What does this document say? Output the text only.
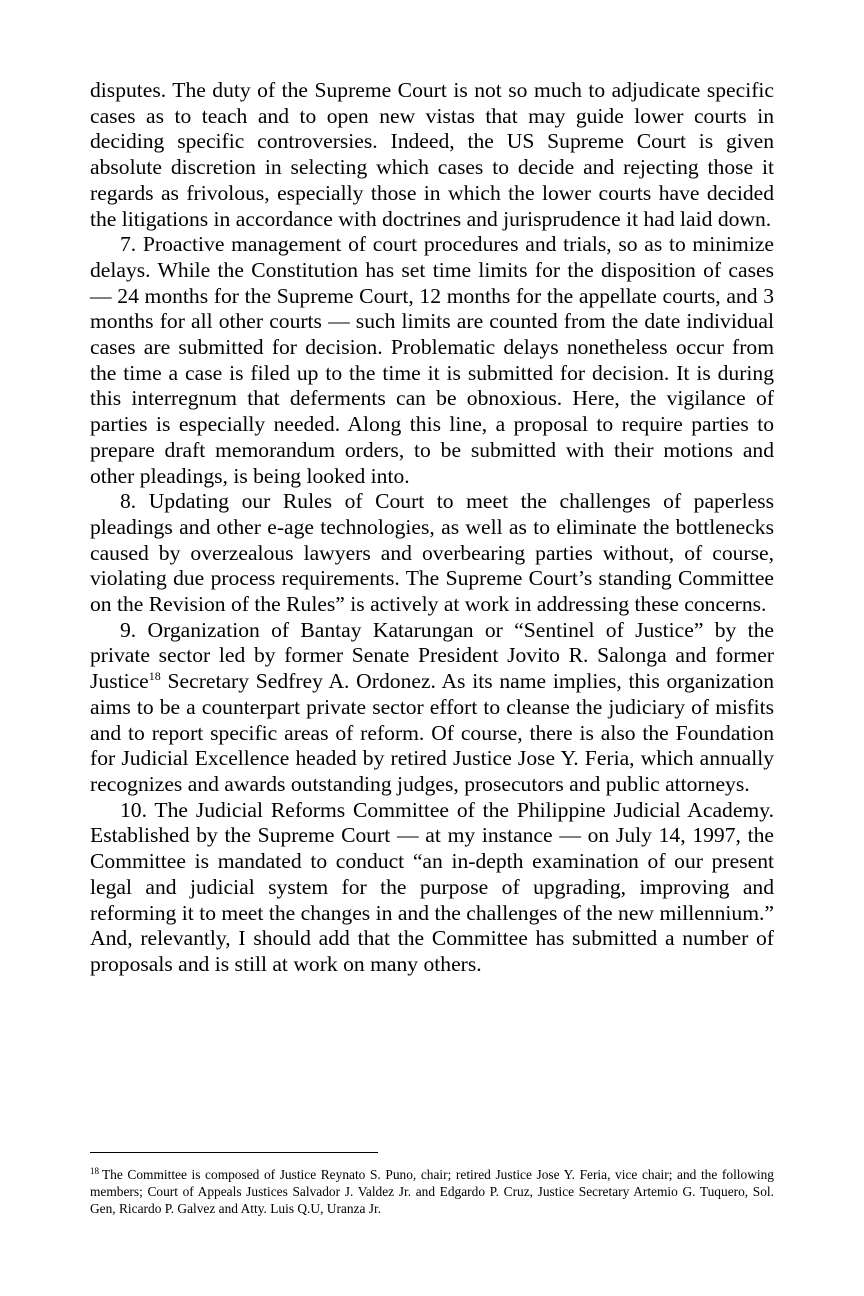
disputes. The duty of the Supreme Court is not so much to adjudicate specific cases as to teach and to open new vistas that may guide lower courts in deciding specific controversies. Indeed, the US Supreme Court is given absolute discretion in selecting which cases to decide and rejecting those it regards as frivolous, especially those in which the lower courts have decided the litigations in accordance with doctrines and jurisprudence it had laid down.

7. Proactive management of court procedures and trials, so as to minimize delays. While the Constitution has set time limits for the disposition of cases — 24 months for the Supreme Court, 12 months for the appellate courts, and 3 months for all other courts — such limits are counted from the date individual cases are submitted for decision. Problematic delays nonetheless occur from the time a case is filed up to the time it is submitted for decision. It is during this interregnum that deferments can be obnoxious. Here, the vigilance of parties is especially needed. Along this line, a proposal to require parties to prepare draft memorandum orders, to be submitted with their motions and other pleadings, is being looked into.

8. Updating our Rules of Court to meet the challenges of paperless pleadings and other e-age technologies, as well as to eliminate the bottlenecks caused by overzealous lawyers and overbearing parties without, of course, violating due process requirements. The Supreme Court’s standing Committee on the Revision of the Rules” is actively at work in addressing these concerns.

9. Organization of Bantay Katarungan or “Sentinel of Justice” by the private sector led by former Senate President Jovito R. Salonga and former Justice$^{18}$ Secretary Sedfrey A. Ordonez. As its name implies, this organization aims to be a counterpart private sector effort to cleanse the judiciary of misfits and to report specific areas of reform. Of course, there is also the Foundation for Judicial Excellence headed by retired Justice Jose Y. Feria, which annually recognizes and awards outstanding judges, prosecutors and public attorneys.

10. The Judicial Reforms Committee of the Philippine Judicial Academy. Established by the Supreme Court — at my instance — on July 14, 1997, the Committee is mandated to conduct “an in-depth examination of our present legal and judicial system for the purpose of upgrading, improving and reforming it to meet the changes in and the challenges of the new millennium.” And, relevantly, I should add that the Committee has submitted a number of proposals and is still at work on many others.

$^{18}$ The Committee is composed of Justice Reynato S. Puno, chair; retired Justice Jose Y. Feria, vice chair; and the following members; Court of Appeals Justices Salvador J. Valdez Jr. and Edgardo P. Cruz, Justice Secretary Artemio G. Tuquero, Sol. Gen, Ricardo P. Galvez and Atty. Luis Q.U, Uranza Jr.
